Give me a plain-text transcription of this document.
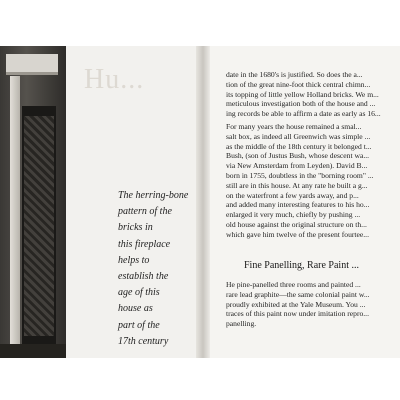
Hu...
The herring-bone
pattern of the
bricks in
this fireplace
helps to
establish the
age of this
house as
part of the
17th century
date in the 1680's is justified. So does the a...
tion of the great nine-foot thick central chimn...
its topping of little yellow Holland bricks. We m...
meticulous investigation both of the house and ...
ing records be able to affirm a date as early as 16...
For many years the house remained a smal...
salt box, as indeed all Greenwich was simple ...
as the middle of the 18th century it belonged t...
Bush, (son of Justus Bush, whose descent wa...
via New Amsterdam from Leyden). David B...
born in 1755, doubtless in the "borning room" ...
still are in this house. At any rate he built a g...
on the waterfront a few yards away, and p...
and added many interesting features to his ho...
enlarged it very much, chiefly by pushing ...
old house against the original structure on th...
which gave him twelve of the present fourtee...
Fine Panelling, Rare Paint ...
He pine-panelled three rooms and painted ...
rare lead graphite—the same colonial paint w...
proudly exhibited at the Yale Museum. You ...
traces of this paint now under imitation repro...
panelling.
